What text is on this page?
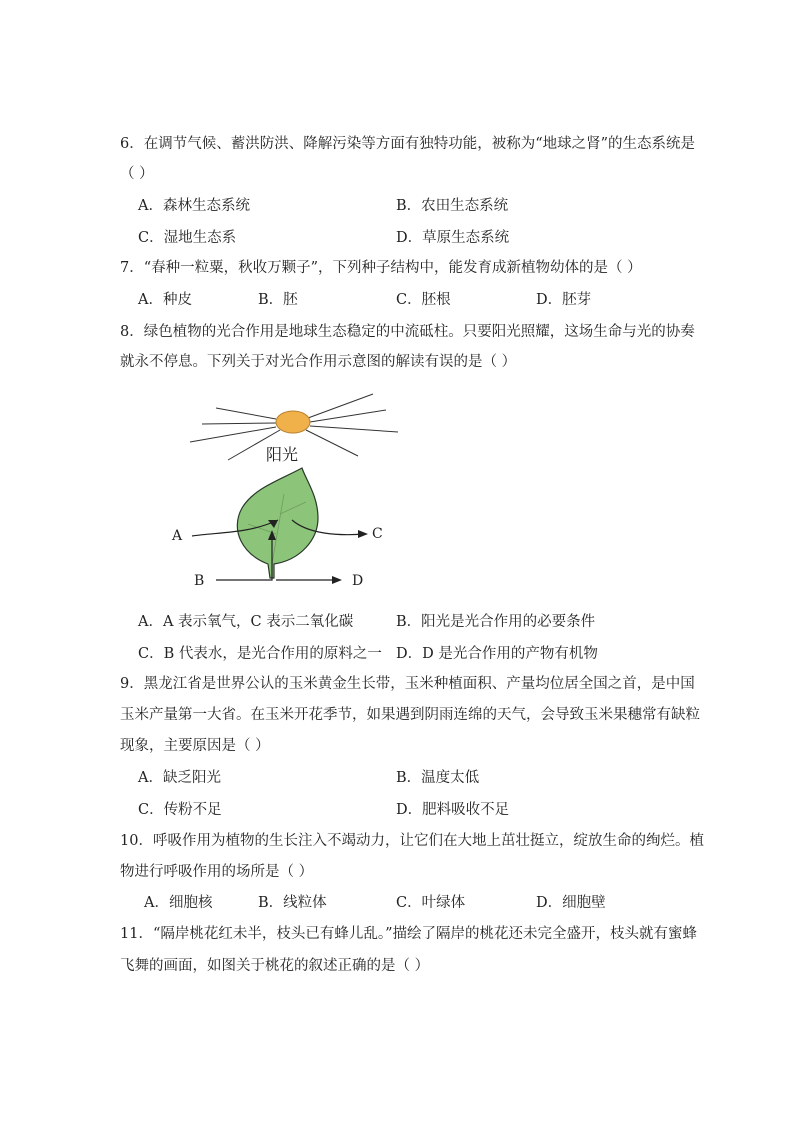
6．在调节气候、蓄洪防洪、降解污染等方面有独特功能，被称为“地球之肾”的生态系统是
（ ）
A．森林生态系统	B．农田生态系统
C．湿地生态系	D．草原生态系统
7．“春种一粒粟，秋收万颗子”，下列种子结构中，能发育成新植物幼体的是（ ）
A．种皮	B．胚	C．胚根	D．胚芽
8．绿色植物的光合作用是地球生态稳定的中流砥柱。只要阳光照耀，这场生命与光的协奏
就永不停息。下列关于对光合作用示意图的解读有误的是（ ）
阳光
A	C
B	D
A．A 表示氧气，C 表示二氧化碳	B．阳光是光合作用的必要条件
C．B 代表水，是光合作用的原料之一 D．D 是光合作用的产物有机物
9．黑龙江省是世界公认的玉米黄金生长带，玉米种植面积、产量均位居全国之首，是中国
玉米产量第一大省。在玉米开花季节，如果遇到阴雨连绵的天气，会导致玉米果穗常有缺粒
现象，主要原因是（ ）
A．缺乏阳光	B．温度太低
C．传粉不足	D．肥料吸收不足
10．呼吸作用为植物的生长注入不竭动力，让它们在大地上茁壮挺立，绽放生命的绚烂。植
物进行呼吸作用的场所是（ ）
A．细胞核	B．线粒体	C．叶绿体	D．细胞壁
11．“隔岸桃花红未半，枝头已有蜂儿乱。”描绘了隔岸的桃花还未完全盛开，枝头就有蜜蜂
飞舞的画面，如图关于桃花的叙述正确的是（ ）
